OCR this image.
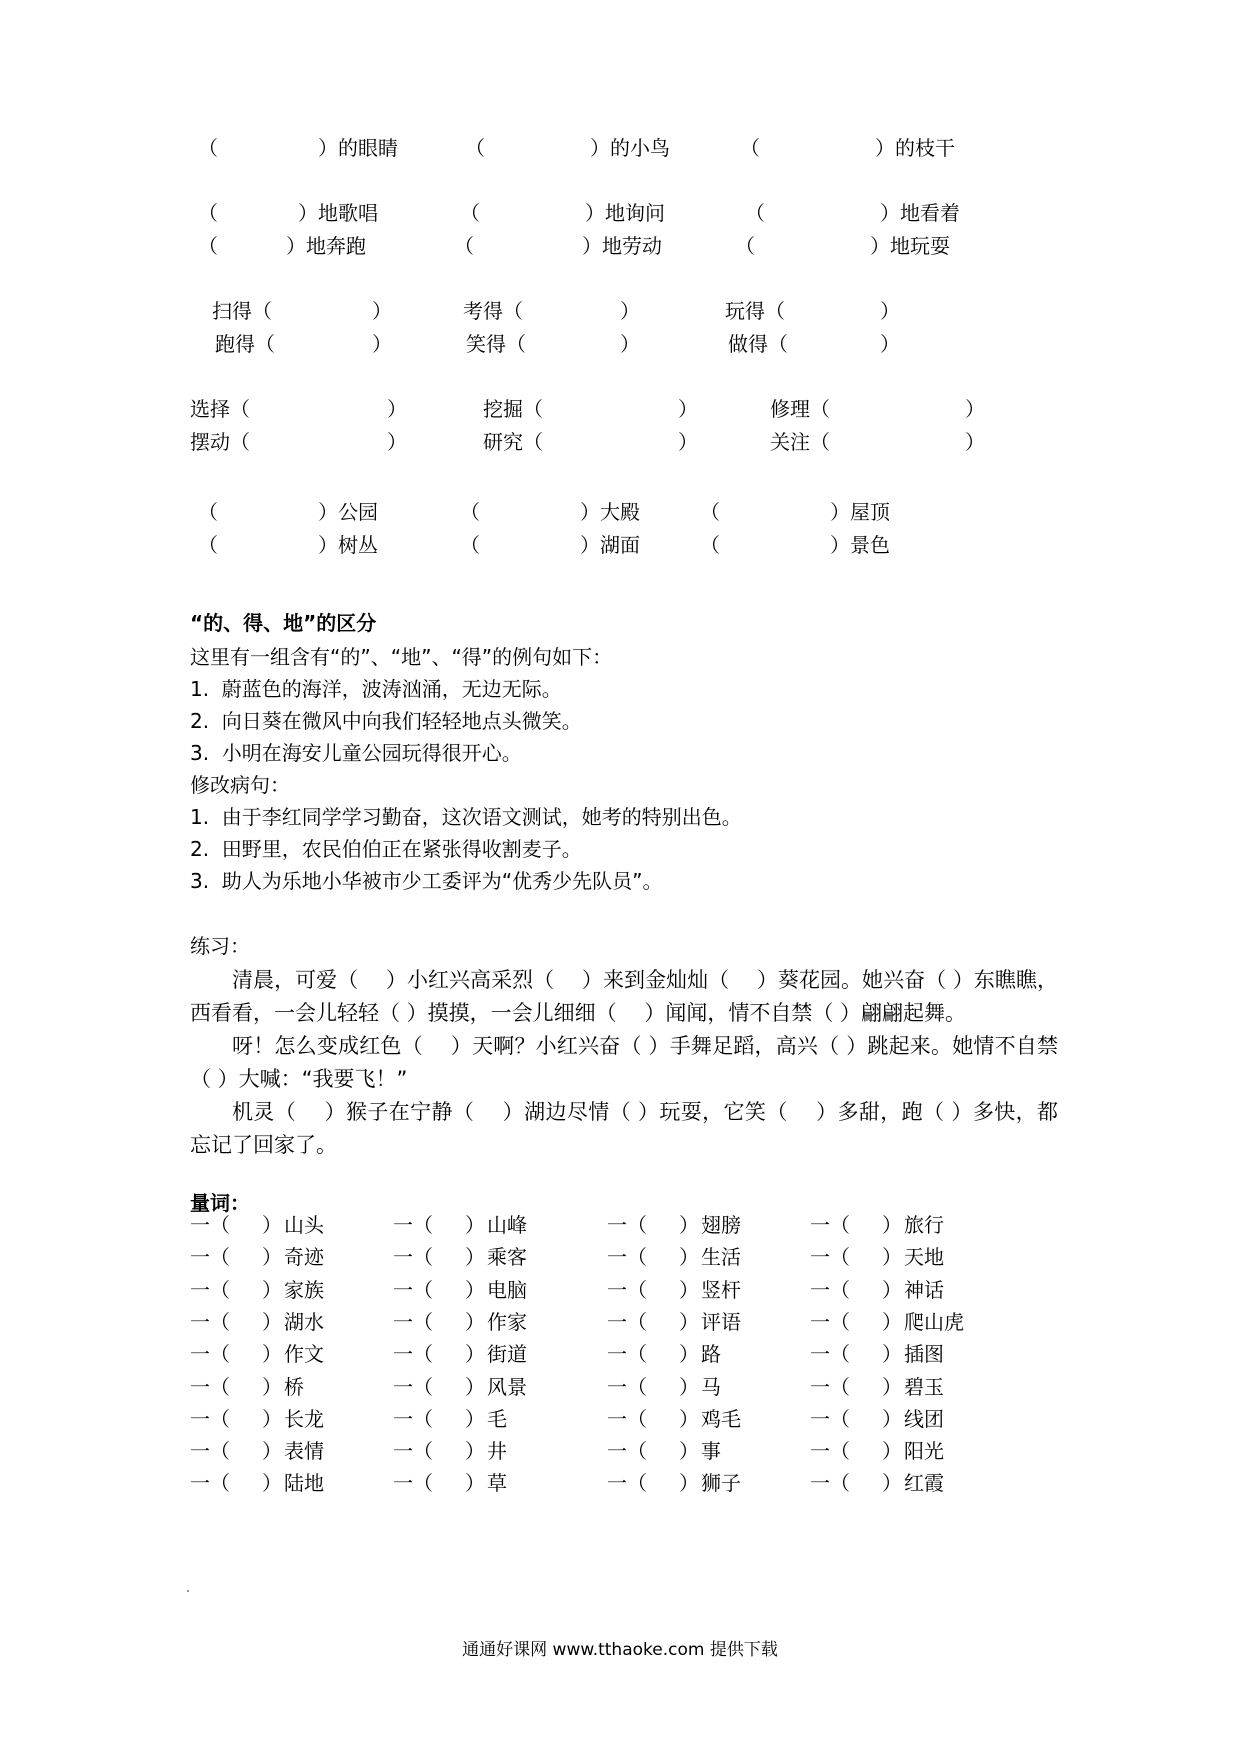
（	）的眼睛	（	）的小鸟	（	）的枝干
（	）地歌唱	（	）地询问	（	）地看着
（	）地奔跑	（	）地劳动	（	）地玩耍
扫得（	）	考得（	）	玩得（	）
跑得（	）	笑得（	）	做得（	）
选择（	）	挖掘（	）	修理（	）
摆动（	）	研究（	）	关注（	）
（	）公园	（	）大殿	（	）屋顶
（	）树丛	（	）湖面	（	）景色
“的、得、地”的区分
这里有一组含有“的”、“地”、“得”的例句如下：
1.  蔚蓝色的海洋，波涛汹涌，无边无际。
2.  向日葵在微风中向我们轻轻地点头微笑。
3.  小明在海安儿童公园玩得很开心。
修改病句：
1.  由于李红同学学习勤奋，这次语文测试，她考的特别出色。
2.  田野里，农民伯伯正在紧张得收割麦子。
3.  助人为乐地小华被市少工委评为“优秀少先队员”。
练习：

清晨，可爱（　 ）小红兴高采烈（　 ）来到金灿灿（　 ）葵花园。她兴奋（ ）东瞧瞧，西看看，一会儿轻轻（ ）摸摸，一会儿细细（　 ）闻闻，情不自禁（ ）翩翩起舞。

呀！怎么变成红色（　 ）天啊？小红兴奋（ ）手舞足蹈，高兴（ ）跳起来。她情不自禁（ ）大喊：“我要飞！”

机灵（　 ）猴子在宁静（　 ）湖边尽情（ ）玩耍，它笑（　 ）多甜，跑（ ）多快，都忘记了回家了。

量词：
一（ ） 山头	一（ ） 山峰	一（ ） 翅膀	一（ ） 旅行
一（ ） 奇迹	一（ ） 乘客	一（ ） 生活	一（ ） 天地
一（ ） 家族	一（ ） 电脑	一（ ） 竖杆	一（ ） 神话
一（ ） 湖水	一（ ） 作家	一（ ） 评语	一（ ） 爬山虎
一（ ） 作文	一（ ） 街道	一（ ） 路	一（ ） 插图
一（ ） 桥	一（ ） 风景	一（ ） 马	一（ ） 碧玉
一（ ） 长龙	一（ ） 毛	一（ ） 鸡毛	一（ ） 线团
一（ ） 表情	一（ ） 井	一（ ） 事	一（ ） 阳光
一（ ） 陆地	一（ ） 草	一（ ） 狮子	一（ ） 红霞
通通好课网 www.tthaoke.com 提供下载
